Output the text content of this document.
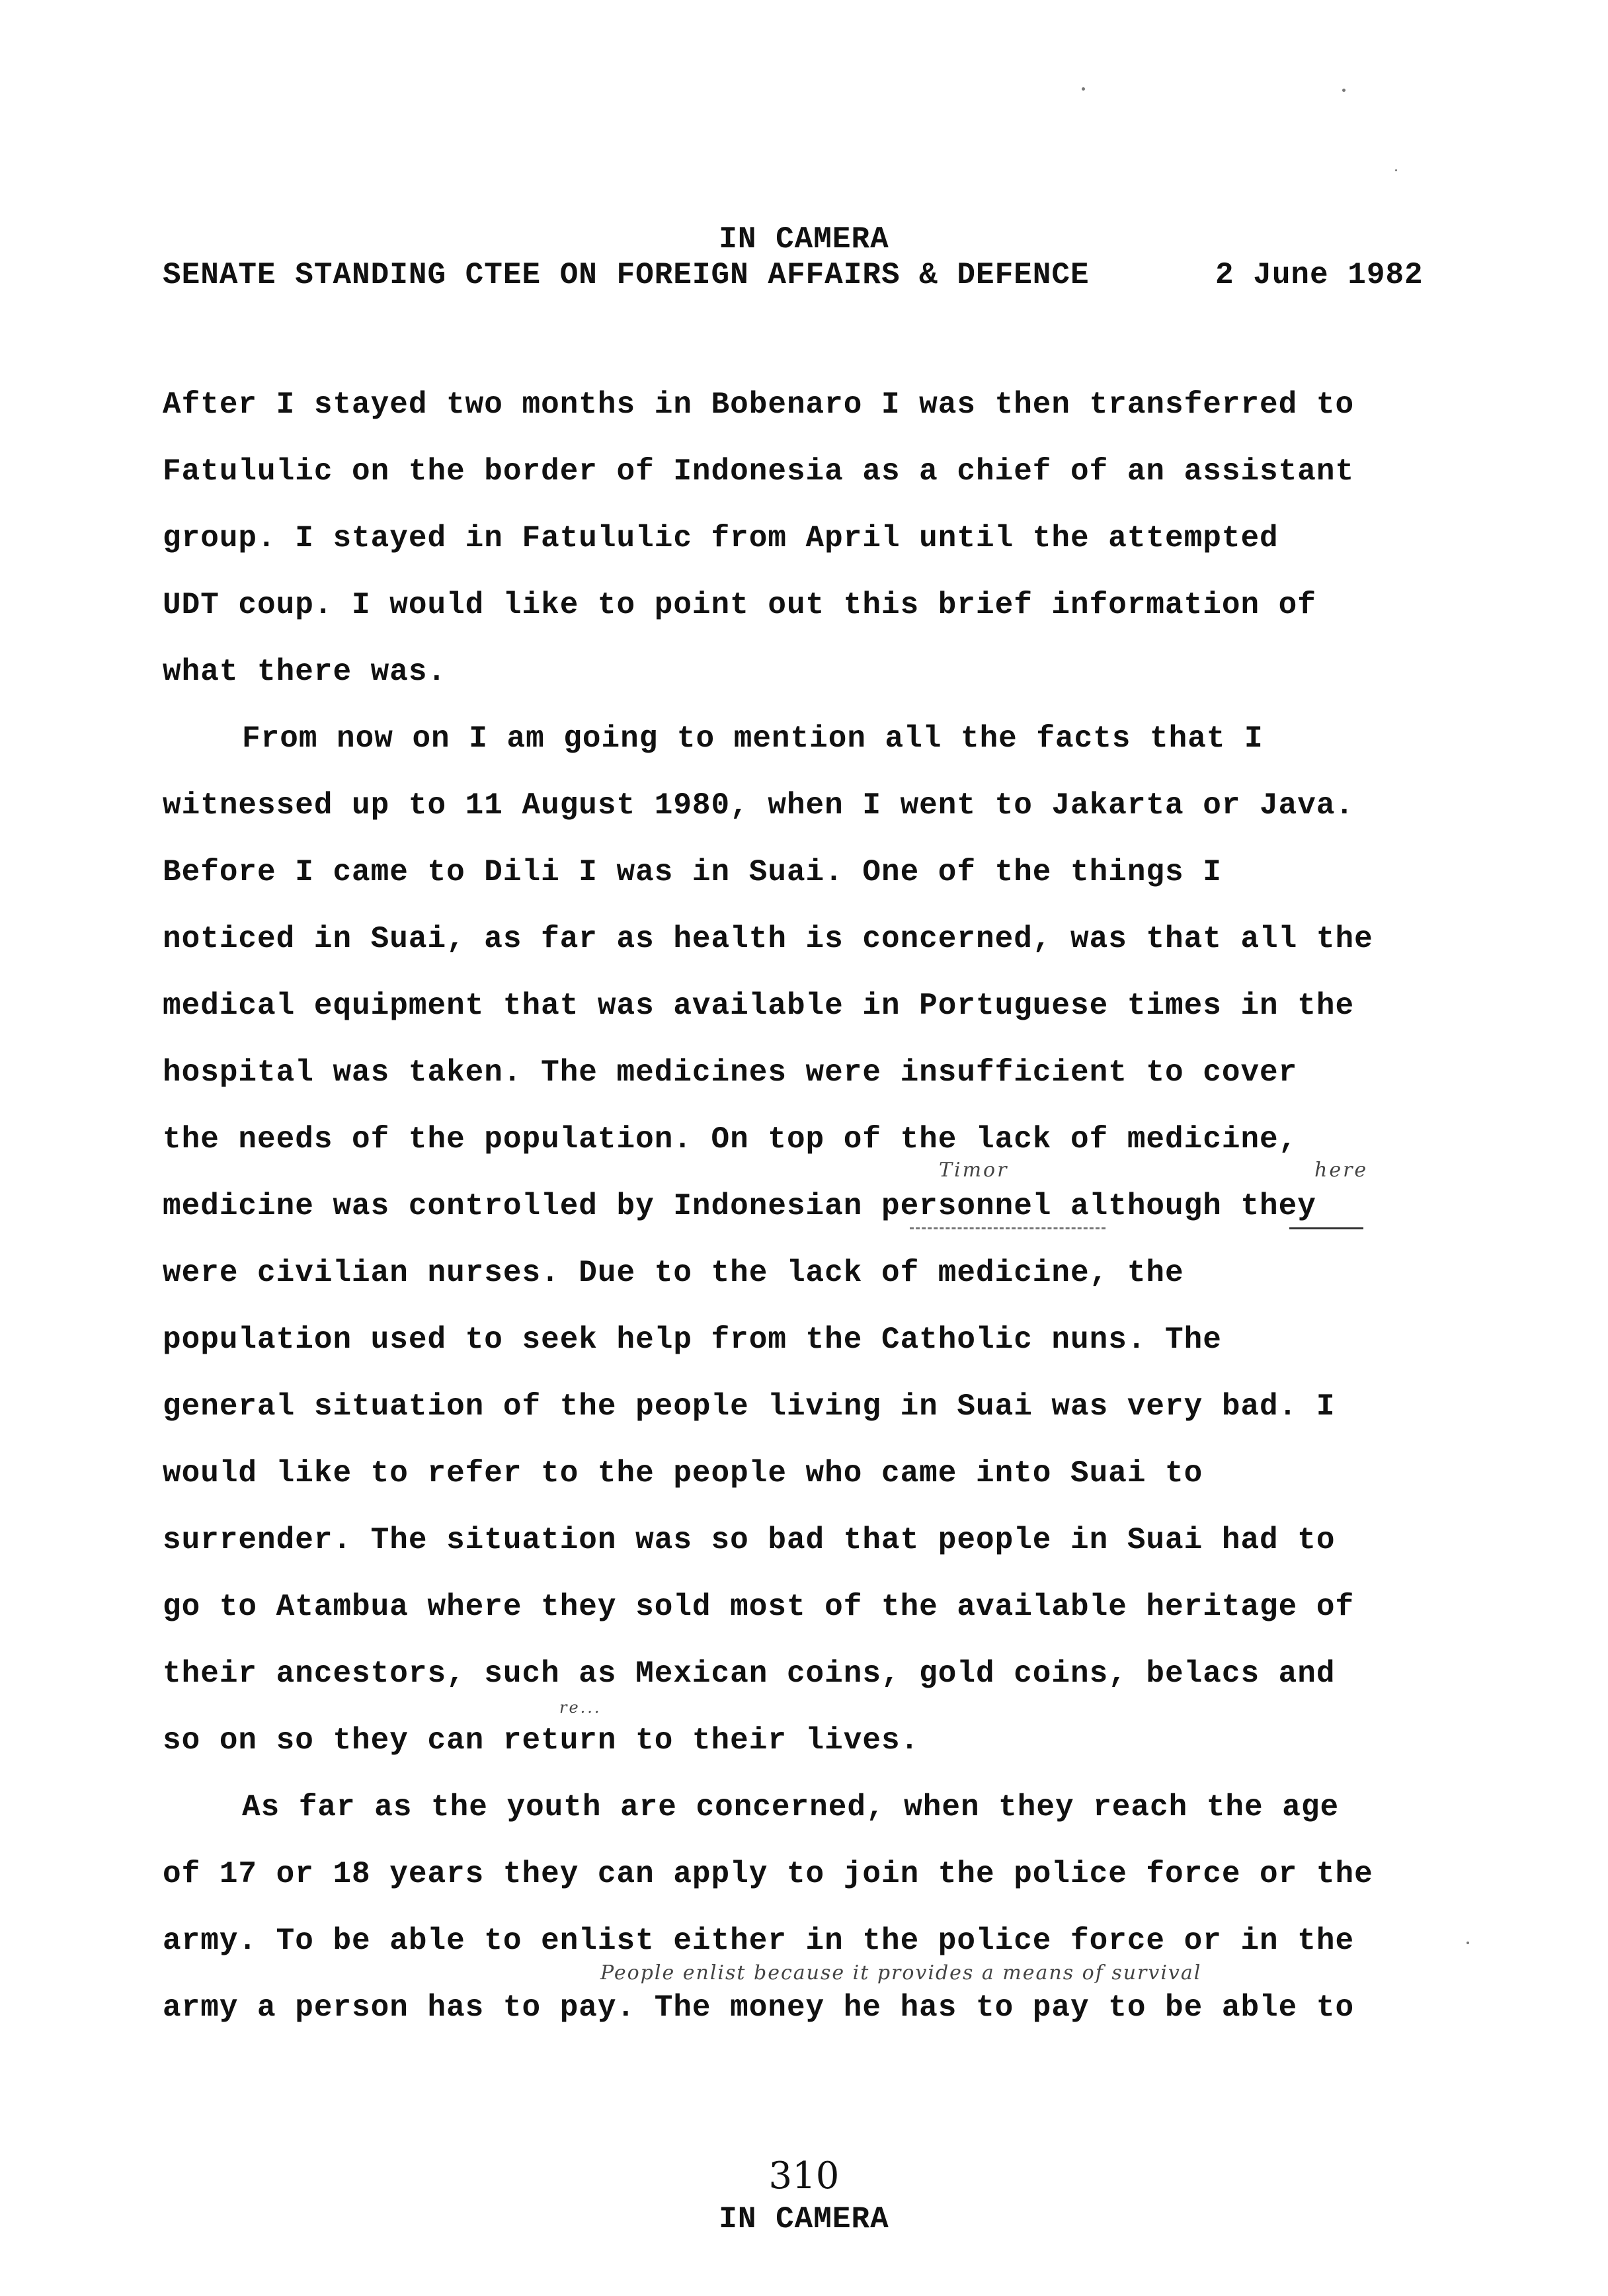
IN CAMERA
SENATE STANDING CTEE ON FOREIGN AFFAIRS & DEFENCE	2 June 1982
After I stayed two months in Bobenaro I was then transferred to
Fatululic on the border of Indonesia as a chief of an assistant
group. I stayed in Fatululic from April until the attempted
UDT coup. I would like to point out this brief information of
what there was.
From now on I am going to mention all the facts that I
witnessed up to 11 August 1980, when I went to Jakarta or Java.
Before I came to Dili I was in Suai. One of the things I
noticed in Suai, as far as health is concerned, was that all the
medical equipment that was available in Portuguese times in the
hospital was taken. The medicines were insufficient to cover
the needs of the population. On top of the lack of medicine,
medicine was controlled by Indonesian personnel although they
were civilian nurses. Due to the lack of medicine, the
population used to seek help from the Catholic nuns. The
general situation of the people living in Suai was very bad. I
would like to refer to the people who came into Suai to
surrender. The situation was so bad that people in Suai had to
go to Atambua where they sold most of the available heritage of
their ancestors, such as Mexican coins, gold coins, belacs and
so on so they can return to their lives.
As far as the youth are concerned, when they reach the age
of 17 or 18 years they can apply to join the police force or the
army. To be able to enlist either in the police force or in the
army a person has to pay. The money he has to pay to be able to
Timor	here
re...
People enlist because it provides a means of survival
310
IN CAMERA
